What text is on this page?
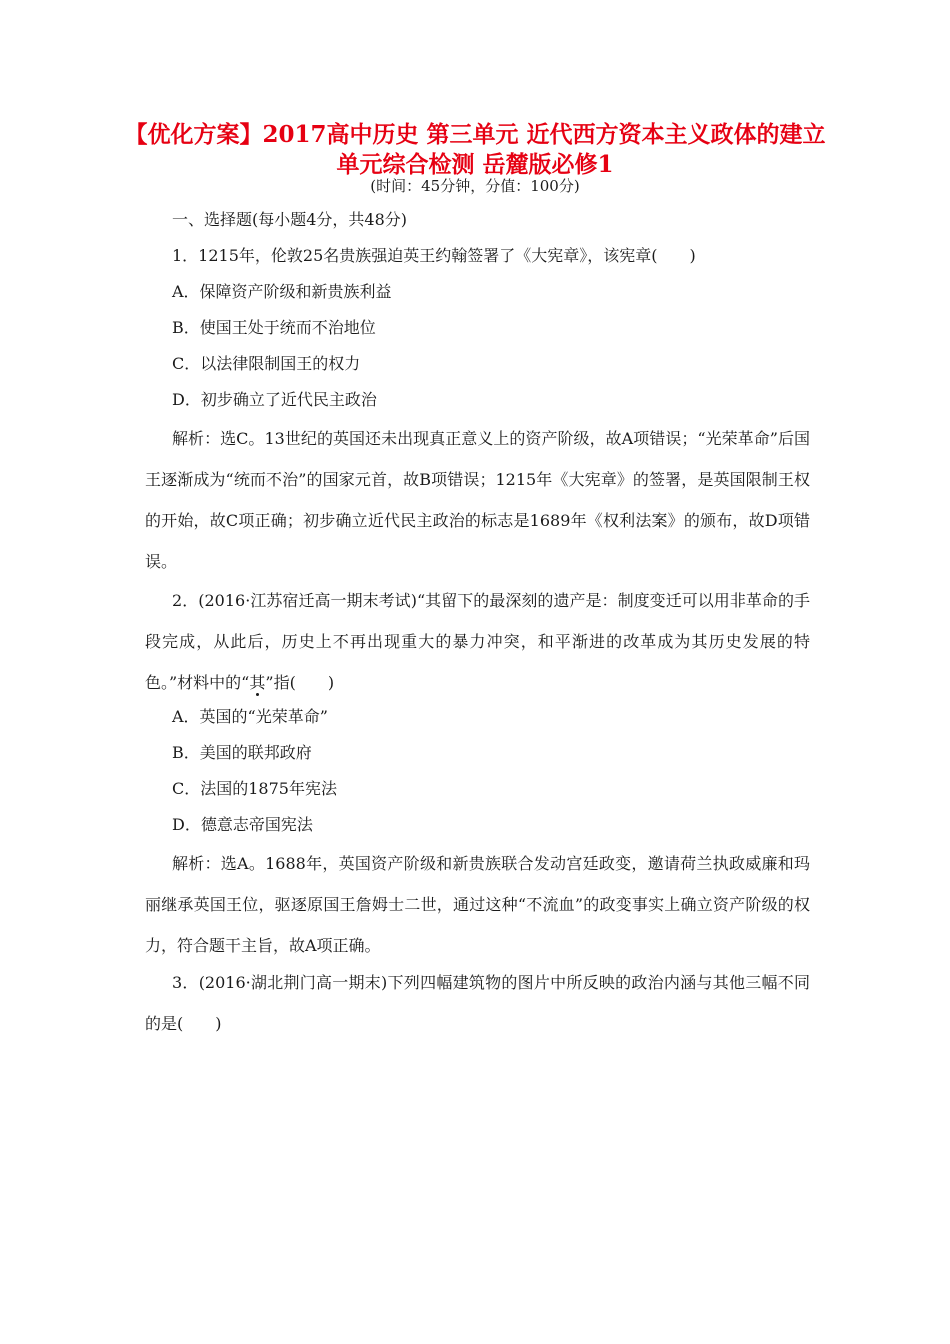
【优化方案】2017高中历史 第三单元 近代西方资本主义政体的建立单元综合检测 岳麓版必修1
(时间：45分钟，分值：100分)
一、选择题(每小题4分，共48分)
1．1215年，伦敦25名贵族强迫英王约翰签署了《大宪章》，该宪章(　　)
A．保障资产阶级和新贵族利益
B．使国王处于统而不治地位
C．以法律限制国王的权力
D．初步确立了近代民主政治
解析：选C。13世纪的英国还未出现真正意义上的资产阶级，故A项错误；“光荣革命”后国王逐渐成为“统而不治”的国家元首，故B项错误；1215年《大宪章》的签署，是英国限制王权的开始，故C项正确；初步确立近代民主政治的标志是1689年《权利法案》的颁布，故D项错误。
2．(2016·江苏宿迁高一期末考试)“其留下的最深刻的遗产是：制度变迁可以用非革命的手段完成，从此后，历史上不再出现重大的暴力冲突，和平渐进的改革成为其历史发展的特色。”材料中的“其”指(　　)
A．英国的“光荣革命”
B．美国的联邦政府
C．法国的1875年宪法
D．德意志帝国宪法
解析：选A。1688年，英国资产阶级和新贵族联合发动宫廷政变，邀请荷兰执政威廉和玛丽继承英国王位，驱逐原国王詹姆士二世，通过这种“不流血”的政变事实上确立资产阶级的权力，符合题干主旨，故A项正确。
3．(2016·湖北荆门高一期末)下列四幅建筑物的图片中所反映的政治内涵与其他三幅不同的是(　　)
